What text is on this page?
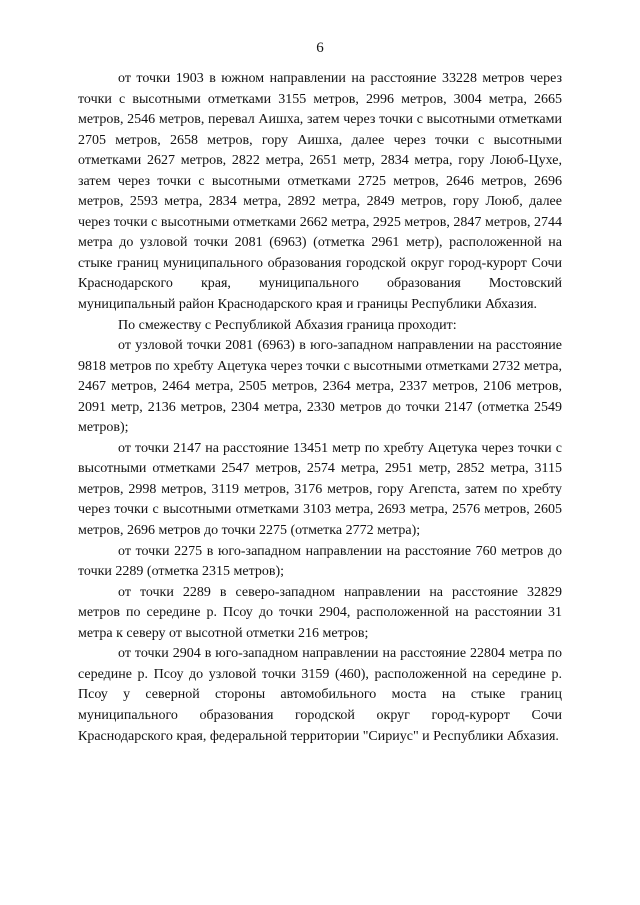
6

от точки 1903 в южном направлении на расстояние 33228 метров через точки с высотными отметками 3155 метров, 2996 метров, 3004 метра, 2665 метров, 2546 метров, перевал Аишха, затем через точки с высотными отметками 2705 метров, 2658 метров, гору Аишха, далее через точки с высотными отметками 2627 метров, 2822 метра, 2651 метр, 2834 метра, гору Лоюб-Цухе, затем через точки с высотными отметками 2725 метров, 2646 метров, 2696 метров, 2593 метра, 2834 метра, 2892 метра, 2849 метров, гору Лоюб, далее через точки с высотными отметками 2662 метра, 2925 метров, 2847 метров, 2744 метра до узловой точки 2081 (6963) (отметка 2961 метр), расположенной на стыке границ муниципального образования городской округ город-курорт Сочи Краснодарского края, муниципального образования Мостовский муниципальный район Краснодарского края и границы Республики Абхазия.

По смежеству с Республикой Абхазия граница проходит:

от узловой точки 2081 (6963) в юго-западном направлении на расстояние 9818 метров по хребту Ацетука через точки с высотными отметками 2732 метра, 2467 метров, 2464 метра, 2505 метров, 2364 метра, 2337 метров, 2106 метров, 2091 метр, 2136 метров, 2304 метра, 2330 метров до точки 2147 (отметка 2549 метров);

от точки 2147 на расстояние 13451 метр по хребту Ацетука через точки с высотными отметками 2547 метров, 2574 метра, 2951 метр, 2852 метра, 3115 метров, 2998 метров, 3119 метров, 3176 метров, гору Агепста, затем по хребту через точки с высотными отметками 3103 метра, 2693 метра, 2576 метров, 2605 метров, 2696 метров до точки 2275 (отметка 2772 метра);

от точки 2275 в юго-западном направлении на расстояние 760 метров до точки 2289 (отметка 2315 метров);

от точки 2289 в северо-западном направлении на расстояние 32829 метров по середине р. Псоу до точки 2904, расположенной на расстоянии 31 метра к северу от высотной отметки 216 метров;

от точки 2904 в юго-западном направлении на расстояние 22804 метра по середине р. Псоу до узловой точки 3159 (460), расположенной на середине р. Псоу у северной стороны автомобильного моста на стыке границ муниципального образования городской округ город-курорт Сочи Краснодарского края, федеральной территории "Сириус" и Республики Абхазия.
